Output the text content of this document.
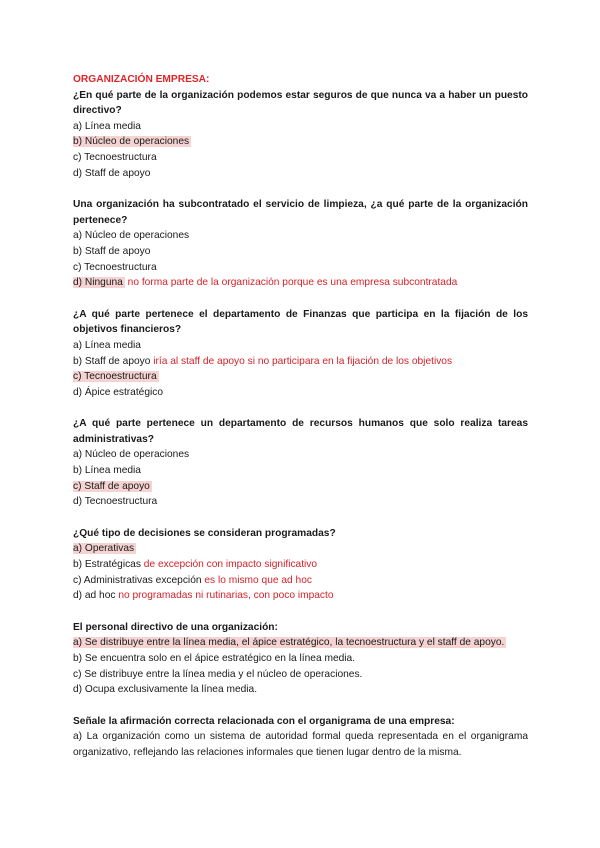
ORGANIZACIÓN EMPRESA:

¿En qué parte de la organización podemos estar seguros de que nunca va a haber un puesto directivo?

a) Línea media

b) Núcleo de operaciones

c) Tecnoestructura

d) Staff de apoyo

Una organización ha subcontratado el servicio de limpieza, ¿a qué parte de la organización pertenece?

a) Núcleo de operaciones

b) Staff de apoyo

c) Tecnoestructura

d) Ninguna no forma parte de la organización porque es una empresa subcontratada

¿A qué parte pertenece el departamento de Finanzas que participa en la fijación de los objetivos financieros?

a) Línea media

b) Staff de apoyo iría al staff de apoyo si no participara en la fijación de los objetivos

c) Tecnoestructura

d) Ápice estratégico

¿A qué parte pertenece un departamento de recursos humanos que solo realiza tareas administrativas?

a) Núcleo de operaciones

b) Línea media

c) Staff de apoyo

d) Tecnoestructura

¿Qué tipo de decisiones se consideran programadas?

a) Operativas

b) Estratégicas de excepción con impacto significativo

c) Administrativas excepción es lo mismo que ad hoc

d) ad hoc no programadas ni rutinarias, con poco impacto

El personal directivo de una organización:

a) Se distribuye entre la línea media, el ápice estratégico, la tecnoestructura y el staff de apoyo.

b) Se encuentra solo en el ápice estratégico en la línea media.

c) Se distribuye entre la línea media y el núcleo de operaciones.

d) Ocupa exclusivamente la línea media.

Señale la afirmación correcta relacionada con el organigrama de una empresa:

a) La organización como un sistema de autoridad formal queda representada en el organigrama organizativo, reflejando las relaciones informales que tienen lugar dentro de la misma.
